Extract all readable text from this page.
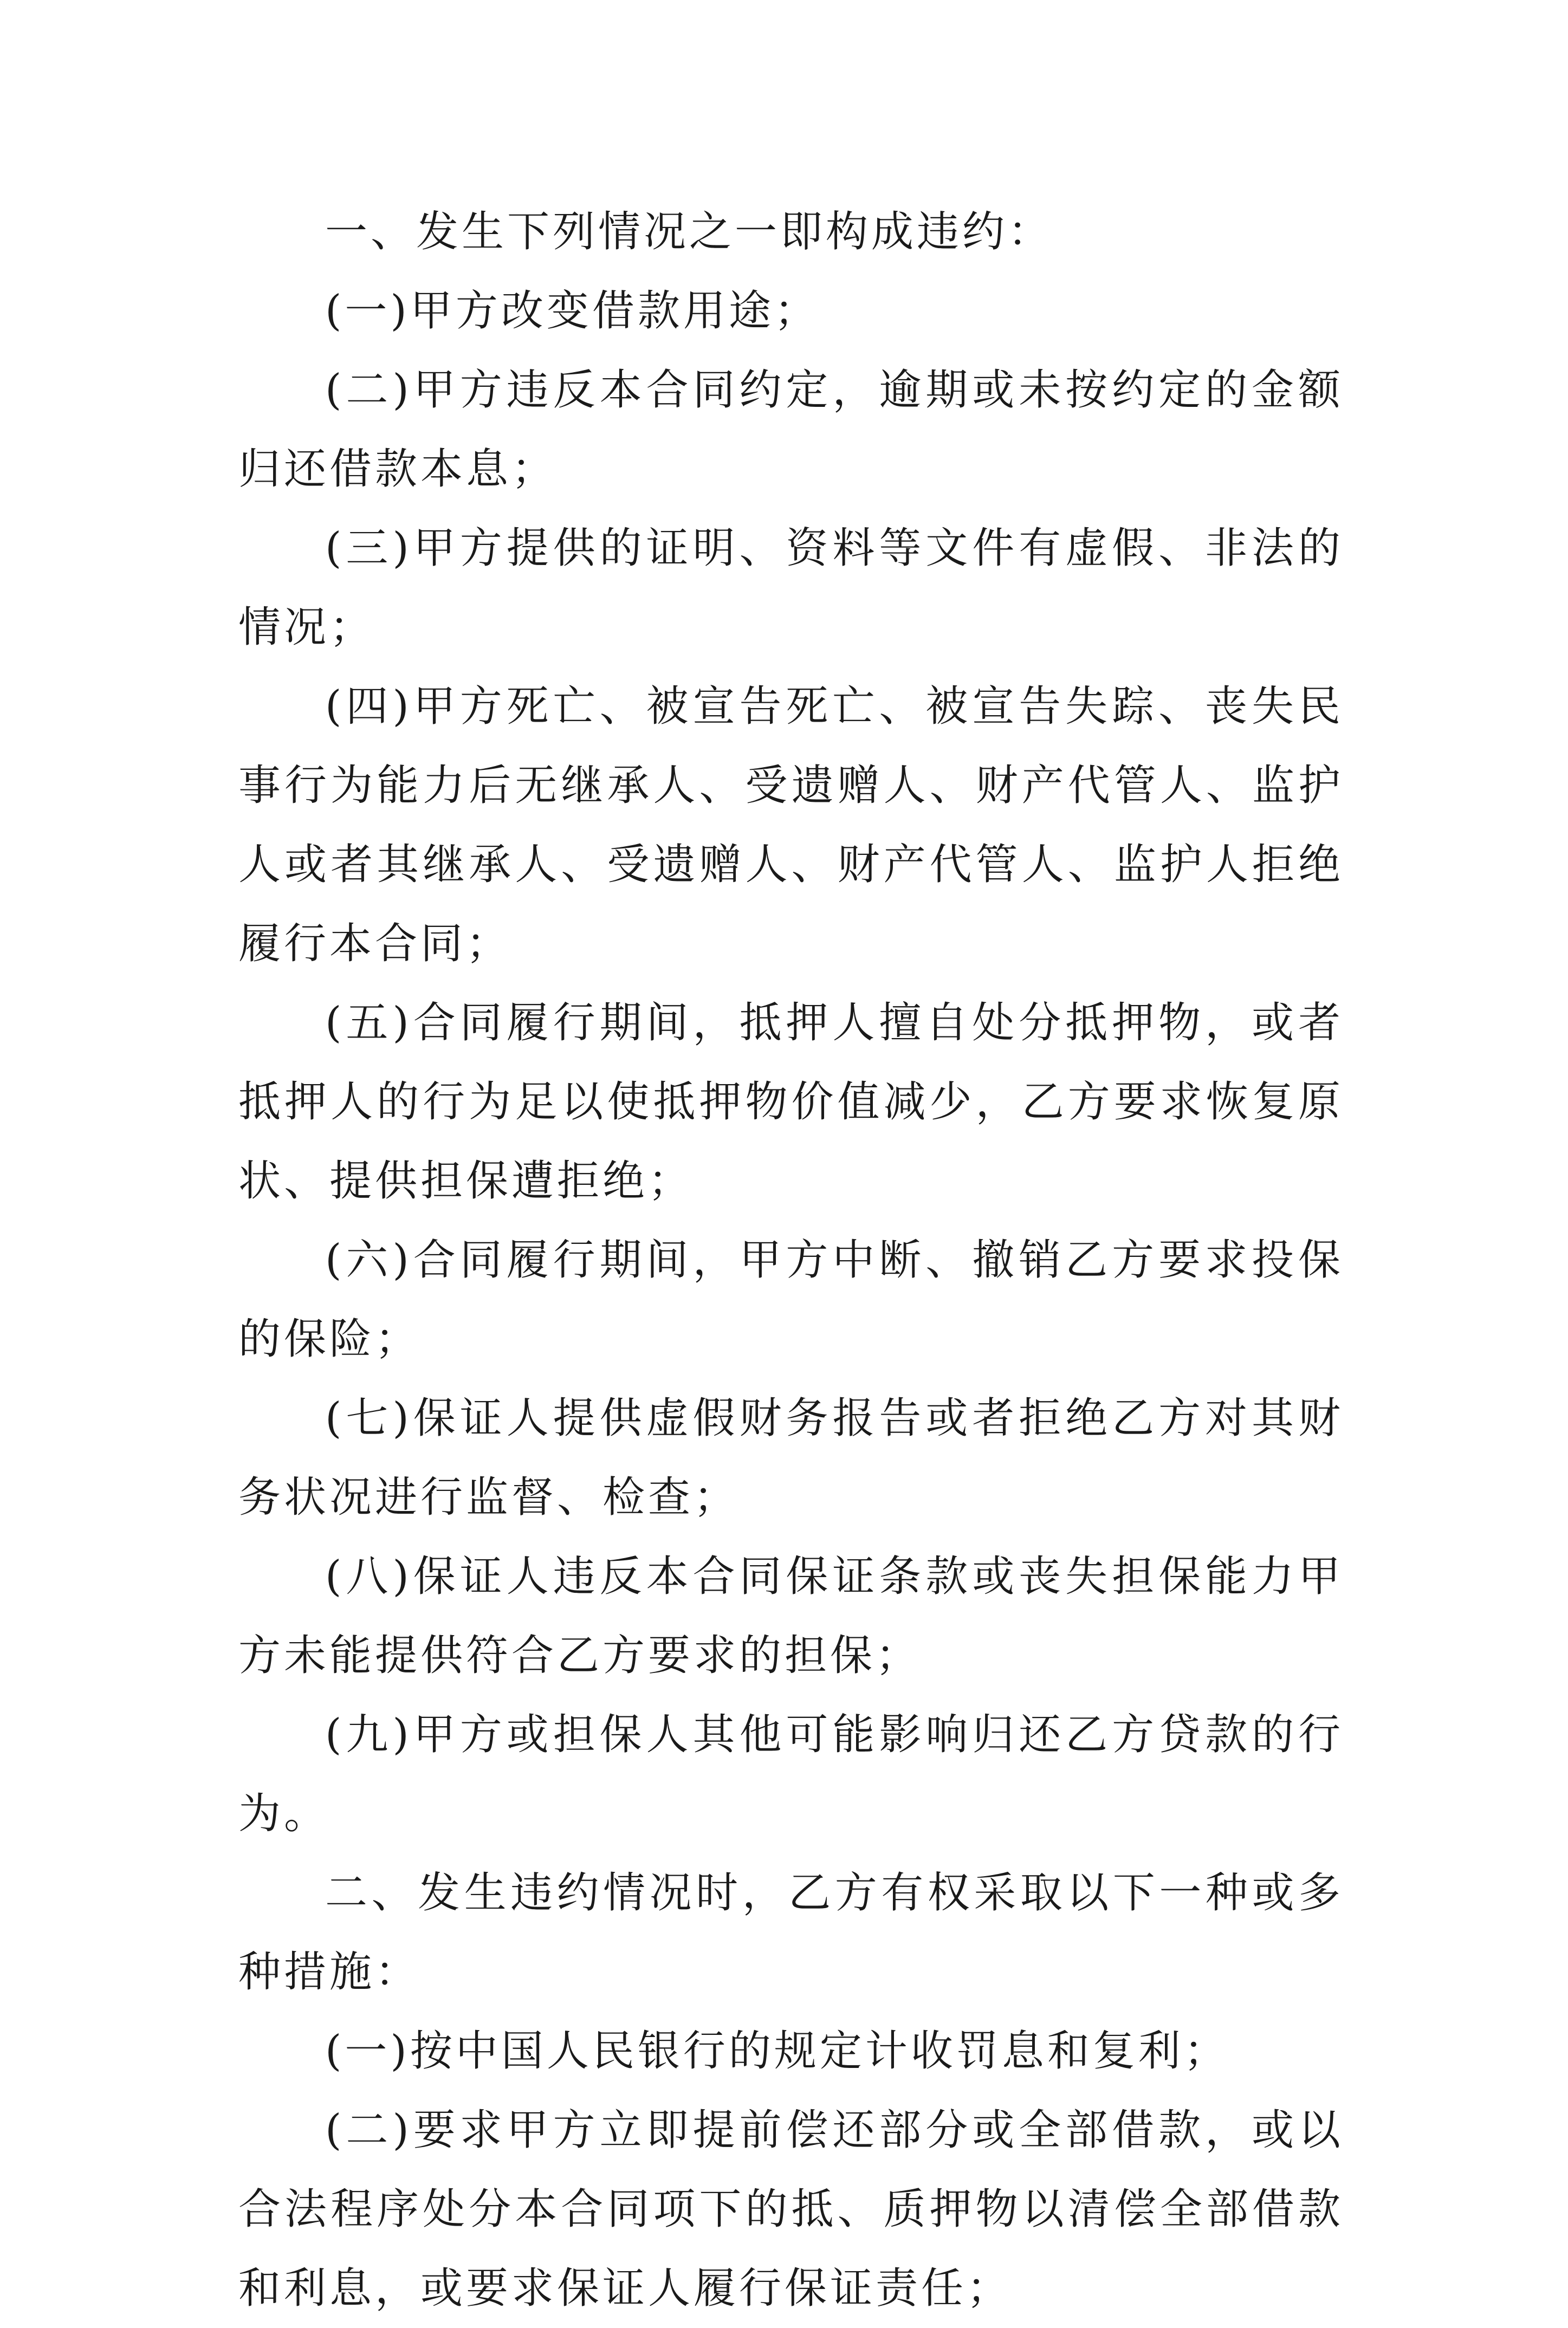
一、发生下列情况之一即构成违约：

(一)甲方改变借款用途；

(二)甲方违反本合同约定，逾期或未按约定的金额归还借款本息；

(三)甲方提供的证明、资料等文件有虚假、非法的情况；

(四)甲方死亡、被宣告死亡、被宣告失踪、丧失民事行为能力后无继承人、受遗赠人、财产代管人、监护人或者其继承人、受遗赠人、财产代管人、监护人拒绝履行本合同；

(五)合同履行期间，抵押人擅自处分抵押物，或者抵押人的行为足以使抵押物价值减少，乙方要求恢复原状、提供担保遭拒绝；

(六)合同履行期间，甲方中断、撤销乙方要求投保的保险；

(七)保证人提供虚假财务报告或者拒绝乙方对其财务状况进行监督、检查；

(八)保证人违反本合同保证条款或丧失担保能力甲方未能提供符合乙方要求的担保；

(九)甲方或担保人其他可能影响归还乙方贷款的行为。

二、发生违约情况时，乙方有权采取以下一种或多种措施：

(一)按中国人民银行的规定计收罚息和复利；

(二)要求甲方立即提前偿还部分或全部借款，或以合法程序处分本合同项下的抵、质押物以清偿全部借款和利息，或要求保证人履行保证责任；
